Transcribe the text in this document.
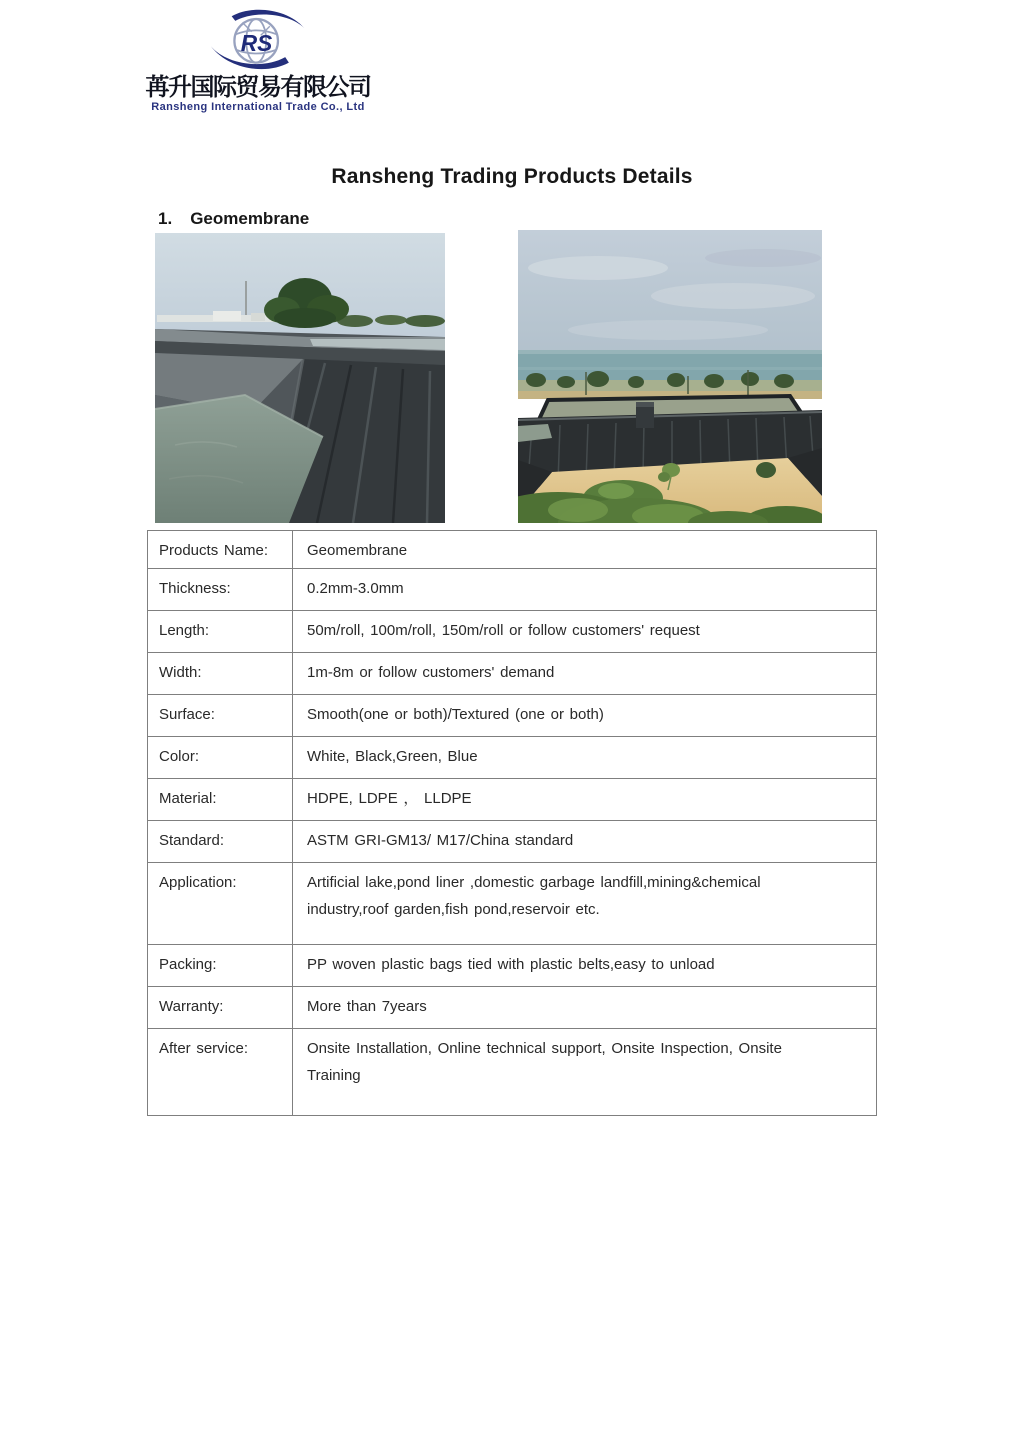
RS
苒升国际贸易有限公司
Ransheng International Trade Co., Ltd
Ransheng Trading Products Details
1. Geomembrane
Products Name:	Geomembrane
Thickness:	0.2mm-3.0mm
Length:	50m/roll, 100m/roll, 150m/roll or follow customers' request
Width:	1m-8m or follow customers' demand
Surface:	Smooth(one or both)/Textured (one or both)
Color:	White, Black,Green, Blue
Material:	HDPE, LDPE ， LLDPE
Standard:	ASTM GRI-GM13/ M17/China standard
Application:	Artificial lake,pond liner ,domestic garbage landfill,mining&chemical industry,roof garden,fish pond,reservoir etc.
Packing:	PP woven plastic bags tied with plastic belts,easy to unload
Warranty:	More than 7years
After service:	Onsite Installation, Online technical support, Onsite Inspection, Onsite Training
